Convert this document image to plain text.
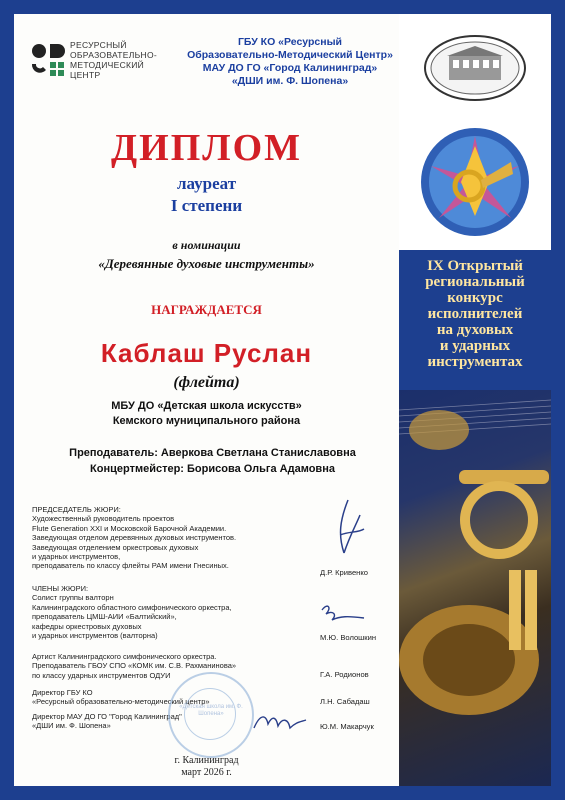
РЕСУРСНЫЙ
ОБРАЗОВАТЕЛЬНО-
МЕТОДИЧЕСКИЙ
ЦЕНТР
ГБУ КО «Ресурсный
Образовательно-Методический Центр»
МАУ ДО ГО «Город Калининград»
«ДШИ им. Ф. Шопена»
ДИПЛОМ
лауреат
I степени
в номинации
«Деревянные духовые инструменты»
НАГРАЖДАЕТСЯ
Каблаш Руслан
(флейта)
МБУ ДО «Детская школа искусств»
Кемского муниципального района
Преподаватель: Аверкова Светлана Станиславовна
Концертмейстер: Борисова Ольга Адамовна
ПРЕДСЕДАТЕЛЬ ЖЮРИ:
Художественный руководитель проектов
Flute Generation XXI и Московской Барочной Академии.
Заведующая отделом деревянных духовых инструментов.
Заведующая отделением оркестровых духовых
и ударных инструментов,
преподаватель по классу флейты РАМ имени Гнесиных.
Д.Р. Кривенко
ЧЛЕНЫ ЖЮРИ:
Солист группы валторн
Калининградского областного симфонического оркестра,
преподаватель ЦМШ-АИИ «Балтийский»,
кафедры оркестровых духовых
и ударных инструментов (валторна)	М.Ю. Волошкин
Артист Калининградского симфонического оркестра.
Преподаватель ГБОУ СПО «КОМК им. С.В. Рахманинова»
по классу ударных инструментов ОДУИ	Г.А. Родионов
Директор ГБУ КО
«Ресурсный образовательно-методический центр»	Л.Н. Сабадаш
Директор МАУ ДО ГО "Город Калининград"
«ДШИ им. Ф. Шопена»	Ю.М. Макарчук
«Детская школа им. Ф. Шопена»
г. Калининград
март 2026 г.
IX Открытый
региональный
конкурс
исполнителей
на духовых
и ударных
инструментах
